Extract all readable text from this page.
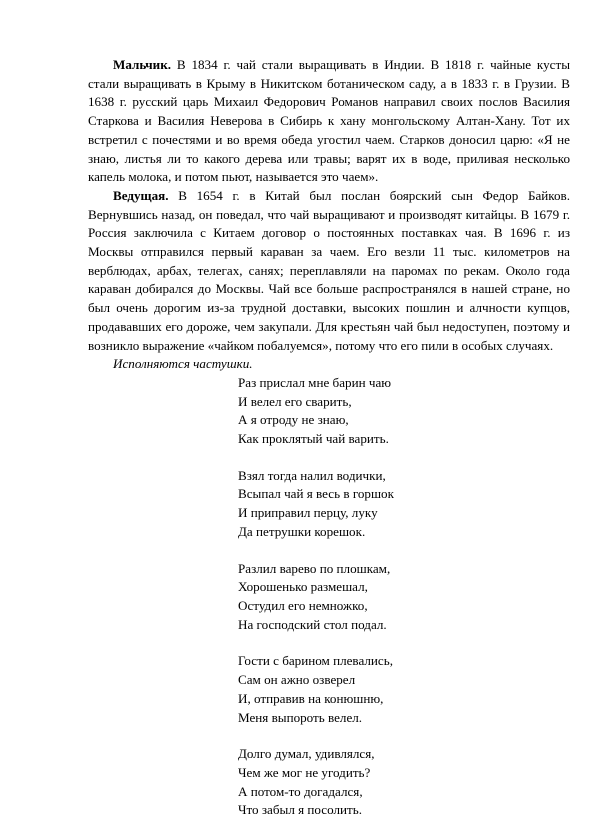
Мальчик. В 1834 г. чай стали выращивать в Индии. В 1818 г. чайные кусты стали выращивать в Крыму в Никитском ботаническом саду, а в 1833 г. в Грузии. В 1638 г. русский царь Михаил Федорович Романов направил своих послов Василия Старкова и Василия Неверова в Сибирь к хану монгольскому Алтан-Хану. Тот их встретил с почестями и во время обеда угостил чаем. Старков доносил царю: «Я не знаю, листья ли то какого дерева или травы; варят их в воде, приливая несколько капель молока, и потом пьют, называется это чаем».

Ведущая. В 1654 г. в Китай был послан боярский сын Федор Байков. Вернувшись назад, он поведал, что чай выращивают и производят китайцы. В 1679 г. Россия заключила с Китаем договор о постоянных поставках чая. В 1696 г. из Москвы отправился первый караван за чаем. Его везли 11 тыс. километров на верблюдах, арбах, телегах, санях; переплавляли на паромах по рекам. Около года караван добирался до Москвы. Чай все больше распространялся в нашей стране, но был очень дорогим из-за трудной доставки, высоких пошлин и алчности купцов, продававших его дороже, чем закупали. Для крестьян чай был недоступен, поэтому и возникло выражение «чайком побалуемся», потому что его пили в особых случаях.

Исполняются частушки.

Раз прислал мне барин чаю
И велел его сварить,
А я отроду не знаю,
Как проклятый чай варить.
Взял тогда налил водички,
Всыпал чай я весь в горшок
И приправил перцу, луку
Да петрушки корешок.
Разлил варево по плошкам,
Хорошенько размешал,
Остудил его немножко,
На господский стол подал.
Гости с барином плевались,
Сам он ажно озверел
И, отправив на конюшню,
Меня выпороть велел.
Долго думал, удивлялся,
Чем же мог не угодить?
А потом-то догадался,
Что забыл я посолить.
